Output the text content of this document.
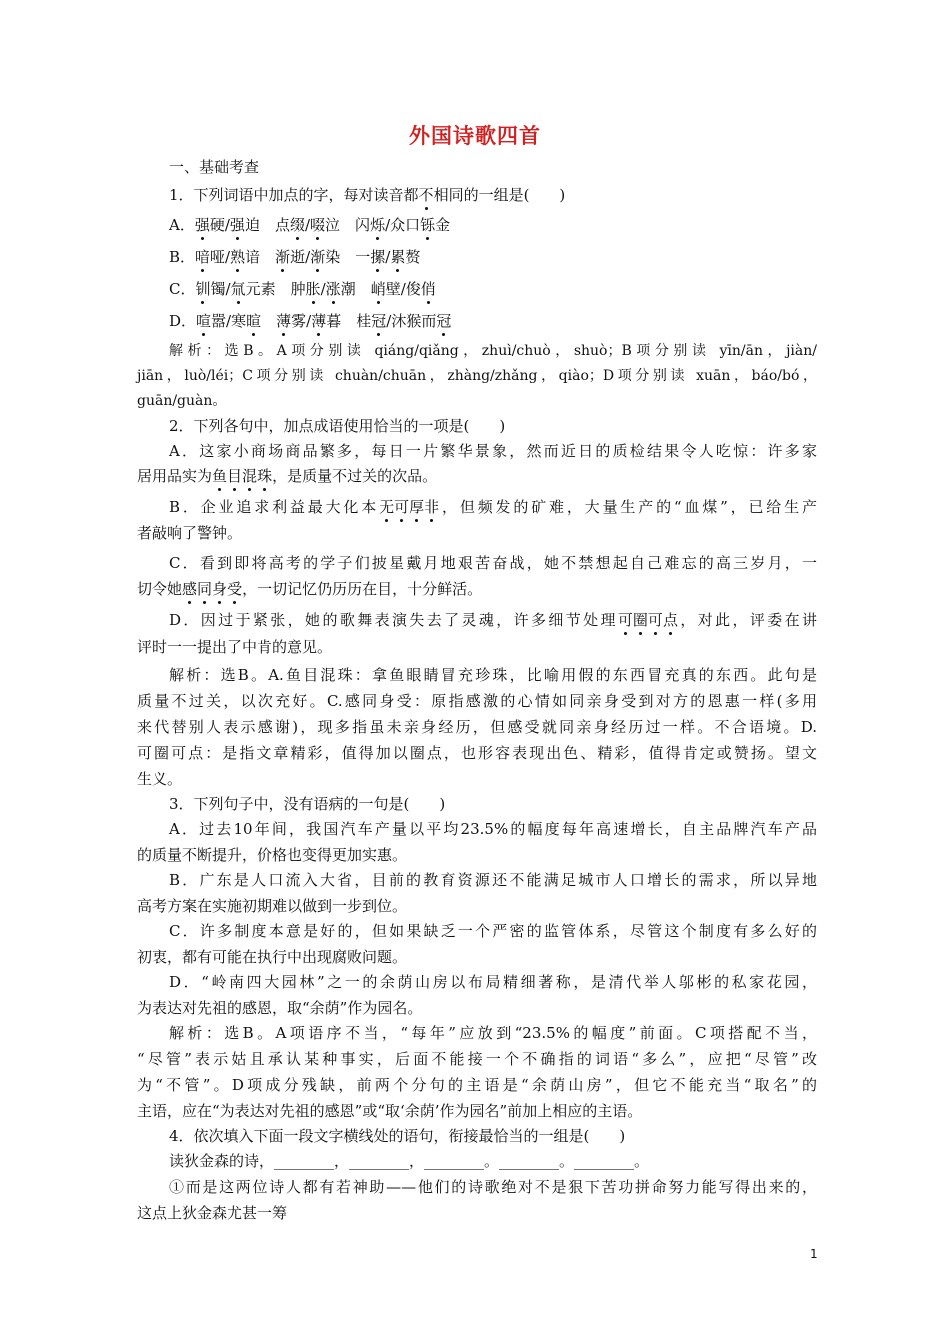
外国诗歌四首
一、基础考查
1．下列词语中加点的字，每对读音都不相同的一组是(　　)
A．强硬/强迫　点缀/啜泣　闪烁/众口铄金
B．喑哑/熟谙　渐逝/渐染　一摞/累赘
C．钏镯/氚元素　肿胀/涨潮　峭壁/俊俏
D．喧嚣/寒暄　 薄雾/薄暮　桂冠/沐猴而冠
解析：选B。A项分别读 qiáng/qiǎng，zhuì/chuò，shuò；B项分别读 yīn/ān，jiàn/
jiān，luò/léi；C项分别读 chuàn/chuān，zhàng/zhǎng，qiào；D项分别读 xuān，báo/bó，
guān/guàn。
2．下列各句中，加点成语使用恰当的一项是(　　)
A．这家小商场商品繁多，每日一片繁华景象，然而近日的质检结果令人吃惊：许多家
居用品实为鱼目混珠，是质量不过关的次品。
B．企业追求利益最大化本无可厚非，但频发的矿难，大量生产的“血煤”，已给生产
者敲响了警钟。
C．看到即将高考的学子们披星戴月地艰苦奋战，她不禁想起自己难忘的高三岁月，一
切令她感同身受，一切记忆仍历历在目，十分鲜活。
D．因过于紧张，她的歌舞表演失去了灵魂，许多细节处理可圈可点，对此，评委在讲
评时一一提出了中肯的意见。
解析：选B。A.鱼目混珠：拿鱼眼睛冒充珍珠，比喻用假的东西冒充真的东西。此句是
质量不过关，以次充好。C.感同身受：原指感激的心情如同亲身受到对方的恩惠一样(多用
来代替别人表示感谢)，现多指虽未亲身经历，但感受就同亲身经历过一样。不合语境。D.
可圈可点：是指文章精彩，值得加以圈点，也形容表现出色、精彩，值得肯定或赞扬。望文
生义。
3．下列句子中，没有语病的一句是(　　)
A．过去10年间，我国汽车产量以平均23.5%的幅度每年高速增长，自主品牌汽车产品
的质量不断提升，价格也变得更加实惠。
B．广东是人口流入大省，目前的教育资源还不能满足城市人口增长的需求，所以异地
高考方案在实施初期难以做到一步到位。
C．许多制度本意是好的，但如果缺乏一个严密的监管体系，尽管这个制度有多么好的
初衷，都有可能在执行中出现腐败问题。
D．“岭南四大园林”之一的余荫山房以布局精细著称，是清代举人邬彬的私家花园，
为表达对先祖的感恩，取“余荫”作为园名。
解析：选B。A项语序不当，“每年”应放到“23.5%的幅度”前面。C项搭配不当，
“尽管”表示姑且承认某种事实，后面不能接一个不确指的词语“多么”，应把“尽管”改
为“不管”。D项成分残缺，前两个分句的主语是“余荫山房”，但它不能充当“取名”的
主语，应在“为表达对先祖的感恩”或“取‘余荫’作为园名”前加上相应的主语。
4．依次填入下面一段文字横线处的语句，衔接最恰当的一组是(　　)
读狄金森的诗，________，________，________。________。________。
①而是这两位诗人都有若神助——他们的诗歌绝对不是狠下苦功拼命努力能写得出来的，
这点上狄金森尤甚一筹
1
